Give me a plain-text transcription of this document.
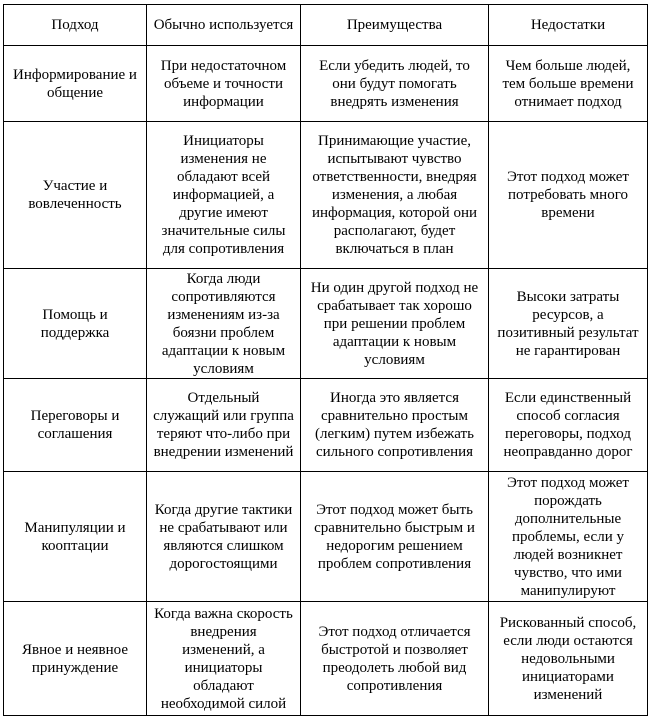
Подход	Обычно используется	Преимущества	Недостатки
Информирование и общение	При недостаточном объеме и точности информации	Если убедить людей, то они будут помогать внедрять изменения	Чем больше людей, тем больше времени отнимает подход
Участие и вовлеченность	Инициаторы изменения не обладают всей информацией, а другие имеют значительные силы для сопротивления	Принимающие участие, испытывают чувство ответственности, внедряя изменения, а любая информация, которой они располагают, будет включаться в план	Этот подход может потребовать много времени
Помощь и поддержка	Когда люди сопротивляются изменениям из-за боязни проблем адаптации к новым условиям	Ни один другой подход не срабатывает так хорошо при решении проблем адаптации к новым условиям	Высоки затраты ресурсов, а позитивный результат не гарантирован
Переговоры и соглашения	Отдельный служащий или группа теряют что-либо при внедрении изменений	Иногда это является сравнительно простым (легким) путем избежать сильного сопротивления	Если единственный способ согласия переговоры, подход неоправданно дорог
Манипуляции и кооптации	Когда другие тактики не срабатывают или являются слишком дорогостоящими	Этот подход может быть сравнительно быстрым и недорогим решением проблем сопротивления	Этот подход может порождать дополнительные проблемы, если у людей возникнет чувство, что ими манипулируют
Явное и неявное принуждение	Когда важна скорость внедрения изменений, а инициаторы обладают необходимой силой	Этот подход отличается быстротой и позволяет преодолеть любой вид сопротивления	Рискованный способ, если люди остаются недовольными инициаторами изменений
